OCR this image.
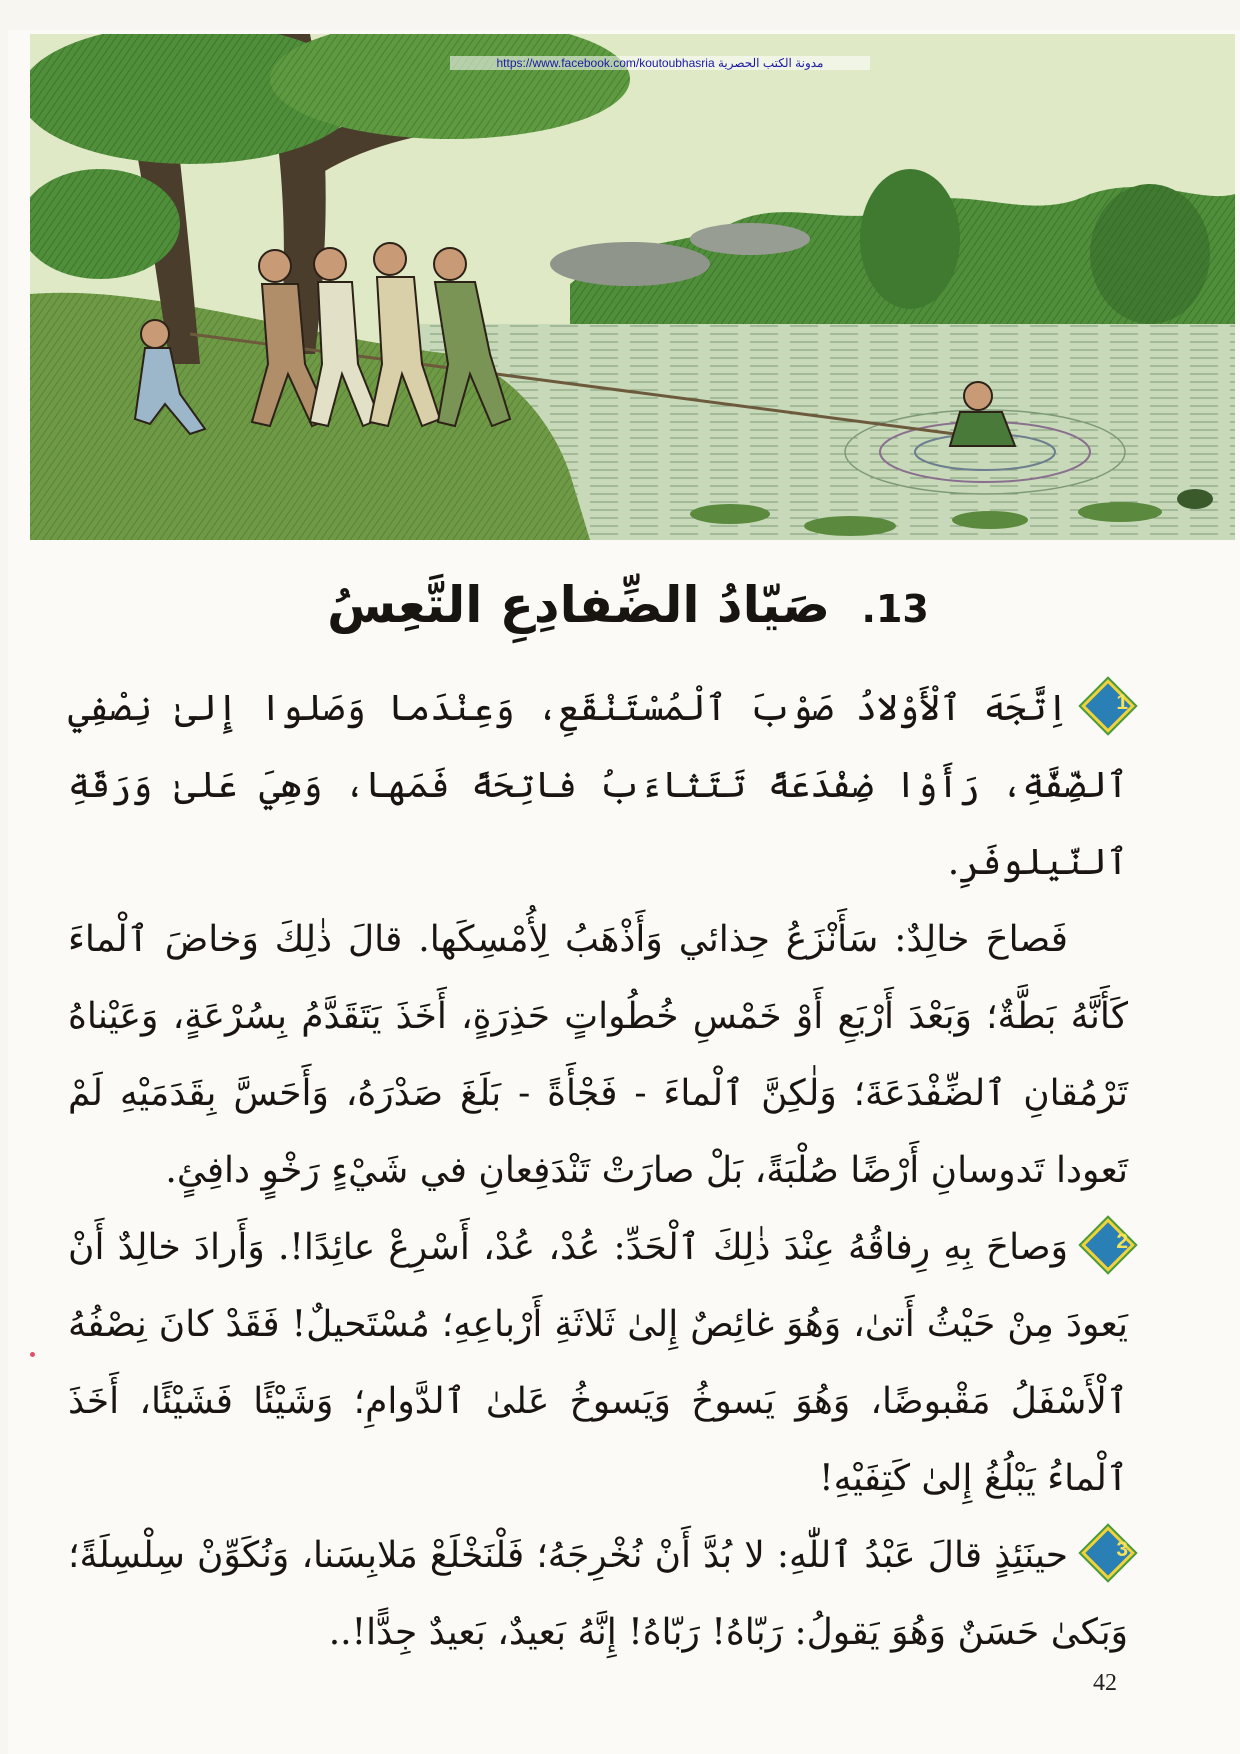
https://www.facebook.com/koutoubhasria مدونة الكتب الحصرية
13. صَيّادُ الضِّفادِعِ التَّعِسُ

1
اِتَّجَهَ ٱلْأَوْلادُ صَوْبَ ٱلْمُسْتَنْقَعِ، وَعِنْدَما وَصَلوا إِلىٰ نِصْفِي ٱلضِّفَّةِ، رَأَوْا ضِفْدَعَةً تَتَثاءَبُ فاتِحَةً فَمَها، وَهِيَ عَلىٰ وَرَقَةِ ٱلنّيلوفَرِ.

فَصاحَ خالِدٌ: سَأَنْزَعُ حِذائي وَأَذْهَبُ لِأُمْسِكَها. قالَ ذٰلِكَ وَخاضَ ٱلْماءَ كَأَنَّهُ بَطَّةٌ؛ وَبَعْدَ أَرْبَعِ أَوْ خَمْسِ خُطُواتٍ حَذِرَةٍ، أَخَذَ يَتَقَدَّمُ بِسُرْعَةٍ، وَعَيْناهُ تَرْمُقانِ ٱلضِّفْدَعَةَ؛ وَلٰكِنَّ ٱلْماءَ - فَجْأَةً - بَلَغَ صَدْرَهُ، وَأَحَسَّ بِقَدَمَيْهِ لَمْ تَعودا تَدوسانِ أَرْضًا صُلْبَةً، بَلْ صارَتْ تَنْدَفِعانِ في شَيْءٍ رَخْوٍ دافِئٍ.

2
وَصاحَ بِهِ رِفاقُهُ عِنْدَ ذٰلِكَ ٱلْحَدِّ: عُدْ، عُدْ، أَسْرِعْ عائِدًا!. وَأَرادَ خالِدٌ أَنْ يَعودَ مِنْ حَيْثُ أَتىٰ، وَهُوَ غائِصٌ إِلىٰ ثَلاثَةِ أَرْباعِهِ؛ مُسْتَحيلٌ! فَقَدْ كانَ نِصْفُهُ ٱلْأَسْفَلُ مَقْبوضًا، وَهُوَ يَسوخُ وَيَسوخُ عَلىٰ ٱلدَّوامِ؛ وَشَيْئًا فَشَيْئًا، أَخَذَ ٱلْماءُ يَبْلُغُ إِلىٰ كَتِفَيْهِ!

3
حينَئِذٍ قالَ عَبْدُ ٱللّٰهِ: لا بُدَّ أَنْ نُخْرِجَهُ؛ فَلْنَخْلَعْ مَلابِسَنا، وَنُكَوِّنْ سِلْسِلَةً؛ وَبَكىٰ حَسَنٌ وَهُوَ يَقولُ: رَبّاهُ! رَبّاهُ! إِنَّهُ بَعيدٌ، بَعيدٌ جِدًّا!..

42
